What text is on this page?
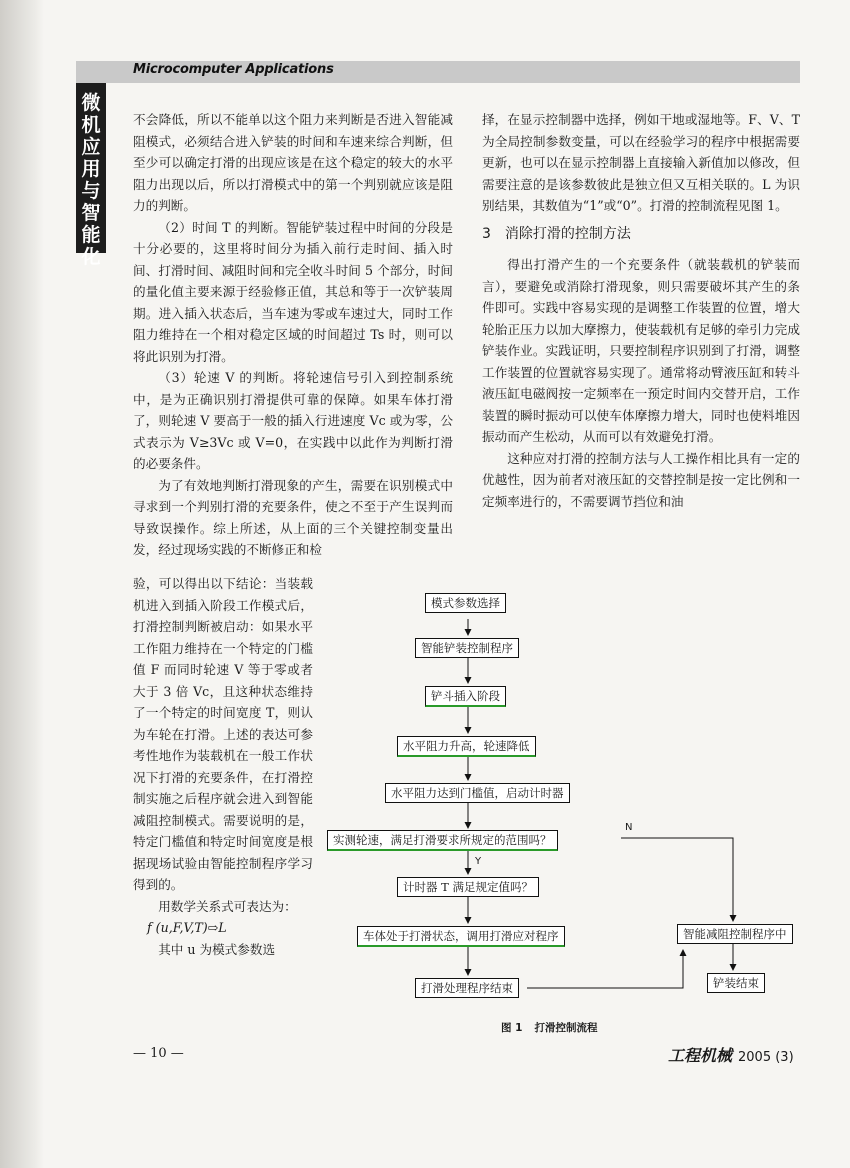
Microcomputer Applications
微机应用与智能化

不会降低，所以不能单以这个阻力来判断是否进入智能减阻模式，必须结合进入铲装的时间和车速来综合判断，但至少可以确定打滑的出现应该是在这个稳定的较大的水平阻力出现以后，所以打滑模式中的第一个判别就应该是阻力的判断。

（2）时间 T 的判断。智能铲装过程中时间的分段是十分必要的，这里将时间分为插入前行走时间、插入时间、打滑时间、减阻时间和完全收斗时间 5 个部分，时间的量化值主要来源于经验修正值，其总和等于一次铲装周期。进入插入状态后，当车速为零或车速过大，同时工作阻力维持在一个相对稳定区域的时间超过 Ts 时，则可以将此识别为打滑。

（3）轮速 V 的判断。将轮速信号引入到控制系统中，是为正确识别打滑提供可靠的保障。如果车体打滑了，则轮速 V 要高于一般的插入行进速度 Vc 或为零，公式表示为 V≥3Vc 或 V=0，在实践中以此作为判断打滑的必要条件。

为了有效地判断打滑现象的产生，需要在识别模式中寻求到一个判别打滑的充要条件，使之不至于产生误判而导致误操作。综上所述，从上面的三个关键控制变量出发，经过现场实践的不断修正和检

验，可以得出以下结论：当装载机进入到插入阶段工作模式后，打滑控制判断被启动：如果水平工作阻力维持在一个特定的门槛值 F 而同时轮速 V 等于零或者大于 3 倍 Vc，且这种状态维持了一个特定的时间宽度 T，则认为车轮在打滑。上述的表达可参考性地作为装载机在一般工作状况下打滑的充要条件，在打滑控制实施之后程序就会进入到智能减阻控制模式。需要说明的是，特定门槛值和特定时间宽度是根据现场试验由智能控制程序学习得到的。

用数学关系式可表达为：

f (u,F,V,T)⇨L

其中 u 为模式参数选

择，在显示控制器中选择，例如干地或湿地等。F、V、T 为全局控制参数变量，可以在经验学习的程序中根据需要更新，也可以在显示控制器上直接输入新值加以修改，但需要注意的是该参数彼此是独立但又互相关联的。L 为识别结果，其数值为“1”或“0”。打滑的控制流程见图 1。

3　消除打滑的控制方法

得出打滑产生的一个充要条件（就装载机的铲装而言），要避免或消除打滑现象，则只需要破坏其产生的条件即可。实践中容易实现的是调整工作装置的位置，增大轮胎正压力以加大摩擦力，使装载机有足够的牵引力完成铲装作业。实践证明，只要控制程序识别到了打滑，调整工作装置的位置就容易实现了。通常将动臂液压缸和转斗液压缸电磁阀按一定频率在一预定时间内交替开启，工作装置的瞬时振动可以使车体摩擦力增大，同时也使料堆因振动而产生松动，从而可以有效避免打滑。

这种应对打滑的控制方法与人工操作相比具有一定的优越性，因为前者对液压缸的交替控制是按一定比例和一定频率进行的，不需要调节挡位和油

模式参数选择
智能铲装控制程序
铲斗插入阶段
水平阻力升高，轮速降低
水平阻力达到门槛值，启动计时器
实测轮速，满足打滑要求所规定的范围吗？
计时器 T 满足规定值吗？
车体处于打滑状态，调用打滑应对程序
打滑处理程序结束
智能减阻控制程序中
铲装结束
N
Y
图 1 打滑控制流程
— 10 —	工程机械 2005 (3)
